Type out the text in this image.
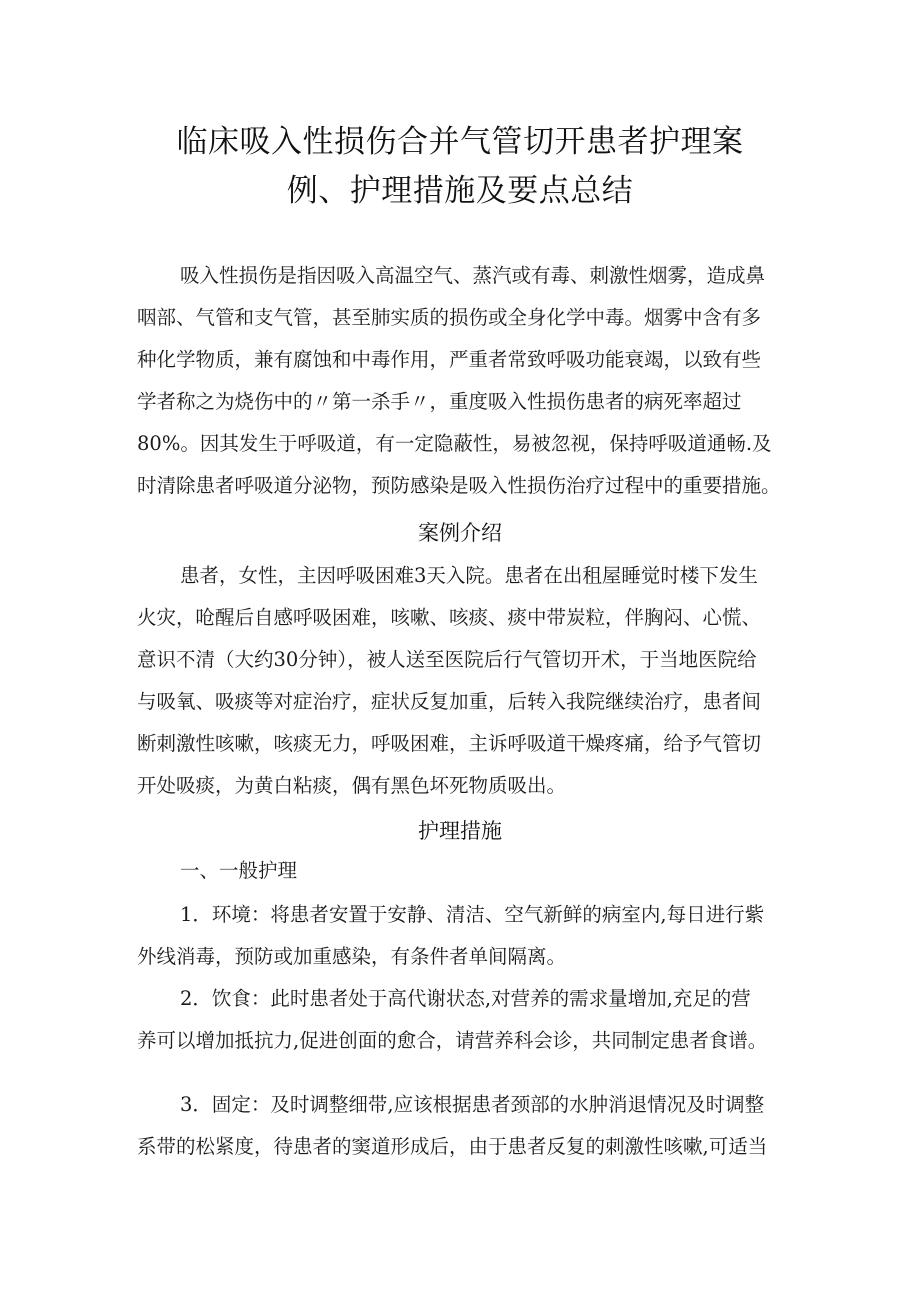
临床吸入性损伤合并气管切开患者护理案
例、护理措施及要点总结

吸入性损伤是指因吸入高温空气、蒸汽或有毒、刺激性烟雾，造成鼻

咽部、气管和支气管，甚至肺实质的损伤或全身化学中毒。烟雾中含有多

种化学物质，兼有腐蚀和中毒作用，严重者常致呼吸功能衰竭，以致有些

学者称之为烧伤中的〃第一杀手〃，重度吸入性损伤患者的病死率超过

80%。因其发生于呼吸道，有一定隐蔽性，易被忽视，保持呼吸道通畅.及

时清除患者呼吸道分泌物，预防感染是吸入性损伤治疗过程中的重要措施。

案例介绍

患者，女性，主因呼吸困难3天入院。患者在出租屋睡觉时楼下发生

火灾，呛醒后自感呼吸困难，咳嗽、咳痰、痰中带炭粒，伴胸闷、心慌、

意识不清（大约30分钟），被人送至医院后行气管切开术，于当地医院给

与吸氧、吸痰等对症治疗，症状反复加重，后转入我院继续治疗，患者间

断刺激性咳嗽，咳痰无力，呼吸困难，主诉呼吸道干燥疼痛，给予气管切

开处吸痰，为黄白粘痰，偶有黑色坏死物质吸出。

护理措施

一、一般护理

1．环境：将患者安置于安静、清洁、空气新鲜的病室内,每日进行紫

外线消毒，预防或加重感染，有条件者单间隔离。

2．饮食：此时患者处于高代谢状态,对营养的需求量增加,充足的营

养可以增加抵抗力,促进创面的愈合，请营养科会诊，共同制定患者食谱。

3．固定：及时调整细带,应该根据患者颈部的水肿消退情况及时调整

系带的松紧度，待患者的窦道形成后，由于患者反复的刺激性咳嗽,可适当
